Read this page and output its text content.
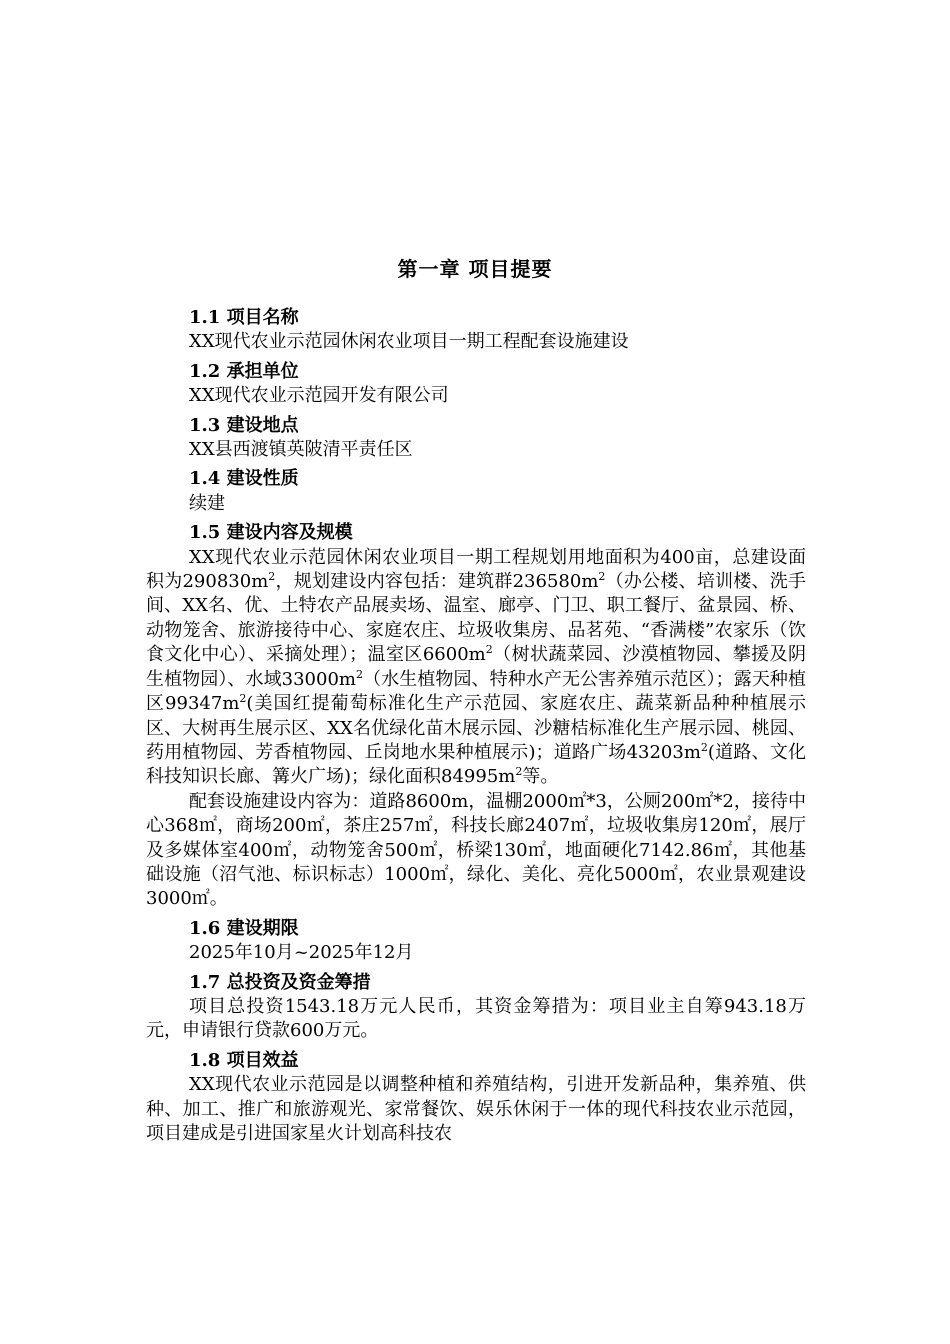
第一章 项目提要
1.1 项目名称
XX现代农业示范园休闲农业项目一期工程配套设施建设
1.2 承担单位
XX现代农业示范园开发有限公司
1.3 建设地点
XX县西渡镇英陂清平责任区
1.4 建设性质
续建
1.5 建设内容及规模
XX现代农业示范园休闲农业项目一期工程规划用地面积为400亩，总建设面积为$290830m^2$，规划建设内容包括：建筑群$236580m^2$（办公楼、培训楼、洗手间、XX名、优、土特农产品展卖场、温室、廊亭、门卫、职工餐厅、盆景园、桥、动物笼舍、旅游接待中心、家庭农庄、垃圾收集房、品茗苑、“香满楼”农家乐（饮食文化中心）、采摘处理）；温室区$6600m^2$（树状蔬菜园、沙漠植物园、攀援及阴生植物园）、水域$33000m^2$（水生植物园、特种水产无公害养殖示范区）；露天种植区$99347m^2$(美国红提葡萄标准化生产示范园、家庭农庄、蔬菜新品种种植展示区、大树再生展示区、XX名优绿化苗木展示园、沙糖桔标准化生产展示园、桃园、药用植物园、芳香植物园、丘岗地水果种植展示)；道路广场$43203m^2$(道路、文化科技知识长廊、篝火广场)；绿化面积$84995m^2$等。
配套设施建设内容为：道路8600m，温棚2000㎡*3，公厕200㎡*2，接待中心368㎡，商场200㎡，茶庄257㎡，科技长廊2407㎡，垃圾收集房120㎡，展厅及多媒体室400㎡，动物笼舍500㎡，桥梁130㎡，地面硬化7142.86㎡，其他基础设施（沼气池、标识标志）1000㎡，绿化、美化、亮化5000㎡，农业景观建设3000㎡。
1.6 建设期限
2025年10月~2025年12月
1.7 总投资及资金筹措
项目总投资1543.18万元人民币，其资金筹措为：项目业主自筹943.18万元，申请银行贷款600万元。
1.8 项目效益
XX现代农业示范园是以调整种植和养殖结构，引进开发新品种，集养殖、供种、加工、推广和旅游观光、家常餐饮、娱乐休闲于一体的现代科技农业示范园，项目建成是引进国家星火计划高科技农
